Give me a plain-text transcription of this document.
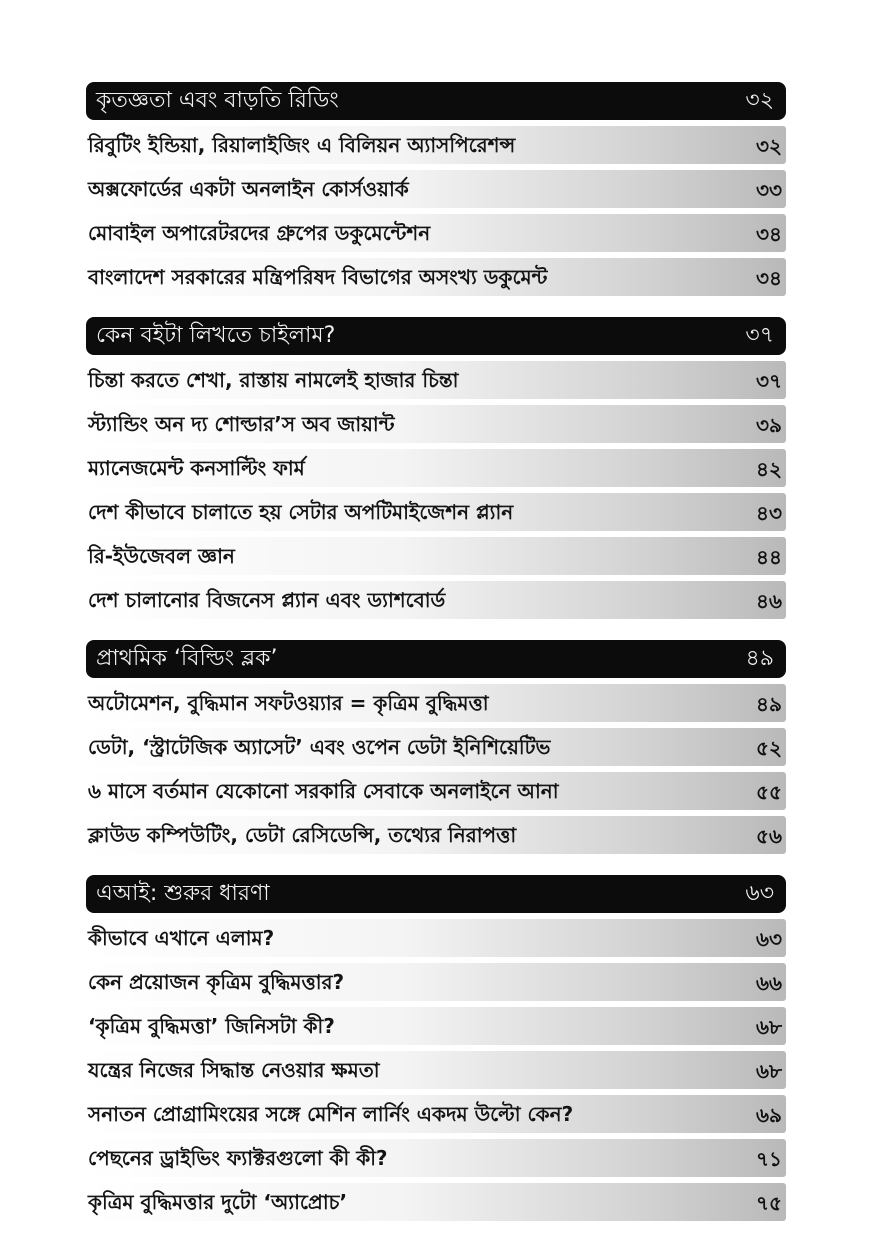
কৃতজ্ঞতা এবং বাড়তি রিডিং	৩২
রিবুটিং ইন্ডিয়া, রিয়ালাইজিং এ বিলিয়ন অ্যাসপিরেশন্স	৩২
অক্সফোর্ডের একটা অনলাইন কোর্সওয়ার্ক	৩৩
মোবাইল অপারেটরদের গ্রুপের ডকুমেন্টেশন	৩৪
বাংলাদেশ সরকারের মন্ত্রিপরিষদ বিভাগের অসংখ্য ডকুমেন্ট	৩৪
কেন বইটা লিখতে চাইলাম?	৩৭
চিন্তা করতে শেখা, রাস্তায় নামলেই হাজার চিন্তা	৩৭
স্ট্যান্ডিং অন দ্য শোল্ডার’স অব জায়ান্ট	৩৯
ম্যানেজমেন্ট কনসাল্টিং ফার্ম	৪২
দেশ কীভাবে চালাতে হয় সেটার অপটিমাইজেশন প্ল্যান	৪৩
রি-ইউজেবল জ্ঞান	৪৪
দেশ চালানোর বিজনেস প্ল্যান এবং ড্যাশবোর্ড	৪৬
প্রাথমিক ‘বিল্ডিং ব্লক’	৪৯
অটোমেশন, বুদ্ধিমান সফটওয়্যার = কৃত্রিম বুদ্ধিমত্তা	৪৯
ডেটা, ‘স্ট্রাটেজিক অ্যাসেট’ এবং ওপেন ডেটা ইনিশিয়েটিভ	৫২
৬ মাসে বর্তমান যেকোনো সরকারি সেবাকে অনলাইনে আনা	৫৫
ক্লাউড কম্পিউটিং, ডেটা রেসিডেন্সি, তথ্যের নিরাপত্তা	৫৬
এআই: শুরুর ধারণা	৬৩
কীভাবে এখানে এলাম?	৬৩
কেন প্রয়োজন কৃত্রিম বুদ্ধিমত্তার?	৬৬
‘কৃত্রিম বুদ্ধিমত্তা’ জিনিসটা কী?	৬৮
যন্ত্রের নিজের সিদ্ধান্ত নেওয়ার ক্ষমতা	৬৮
সনাতন প্রোগ্রামিংয়ের সঙ্গে মেশিন লার্নিং একদম উল্টো কেন?	৬৯
পেছনের ড্রাইভিং ফ্যাক্টরগুলো কী কী?	৭১
কৃত্রিম বুদ্ধিমত্তার দুটো ‘অ্যাপ্রোচ’	৭৫
